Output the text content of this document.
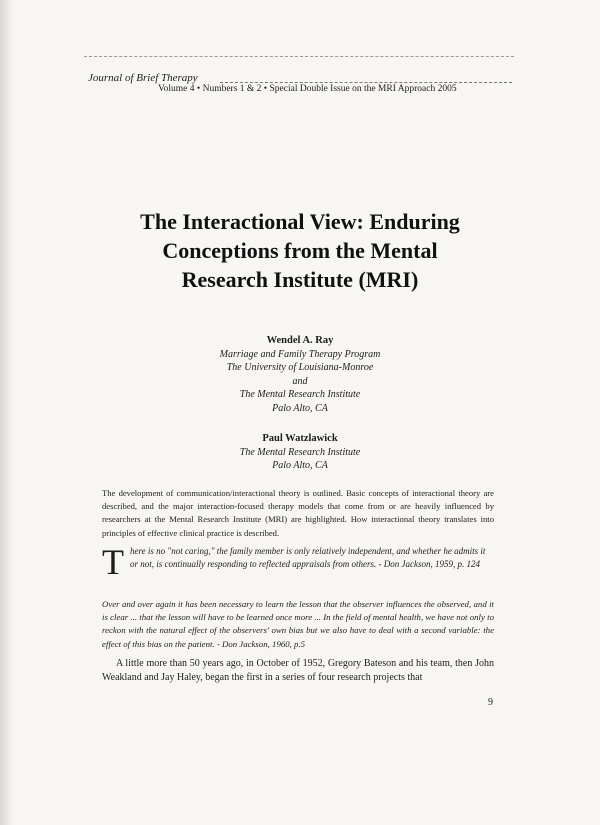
Journal of Brief Therapy
Volume 4 • Numbers 1 & 2 • Special Double Issue on the MRI Approach 2005
The Interactional View: Enduring
Conceptions from the Mental
Research Institute (MRI)
Wendel A. Ray
Marriage and Family Therapy Program
The University of Louisiana-Monroe
and
The Mental Research Institute
Palo Alto, CA
Paul Watzlawick
The Mental Research Institute
Palo Alto, CA
The development of communication/interactional theory is outlined. Basic concepts of interactional theory are described, and the major interaction-focused therapy models that come from or are heavily influenced by researchers at the Mental Research Institute (MRI) are highlighted. How interactional theory translates into principles of effective clinical practice is described.
T here is no "not caring," the family member is only relatively independent, and whether he admits it or not, is continually responding to reflected appraisals from others. - Don Jackson, 1959, p. 124
Over and over again it has been necessary to learn the lesson that the observer influences the observed, and it is clear ... that the lesson will have to be learned once more ... In the field of mental health, we have not only to reckon with the natural effect of the observers' own bias but we also have to deal with a second variable: the effect of this bias on the patient. - Don Jackson, 1960, p.5
A little more than 50 years ago, in October of 1952, Gregory Bateson and his team, then John Weakland and Jay Haley, began the first in a series of four research projects that
9
